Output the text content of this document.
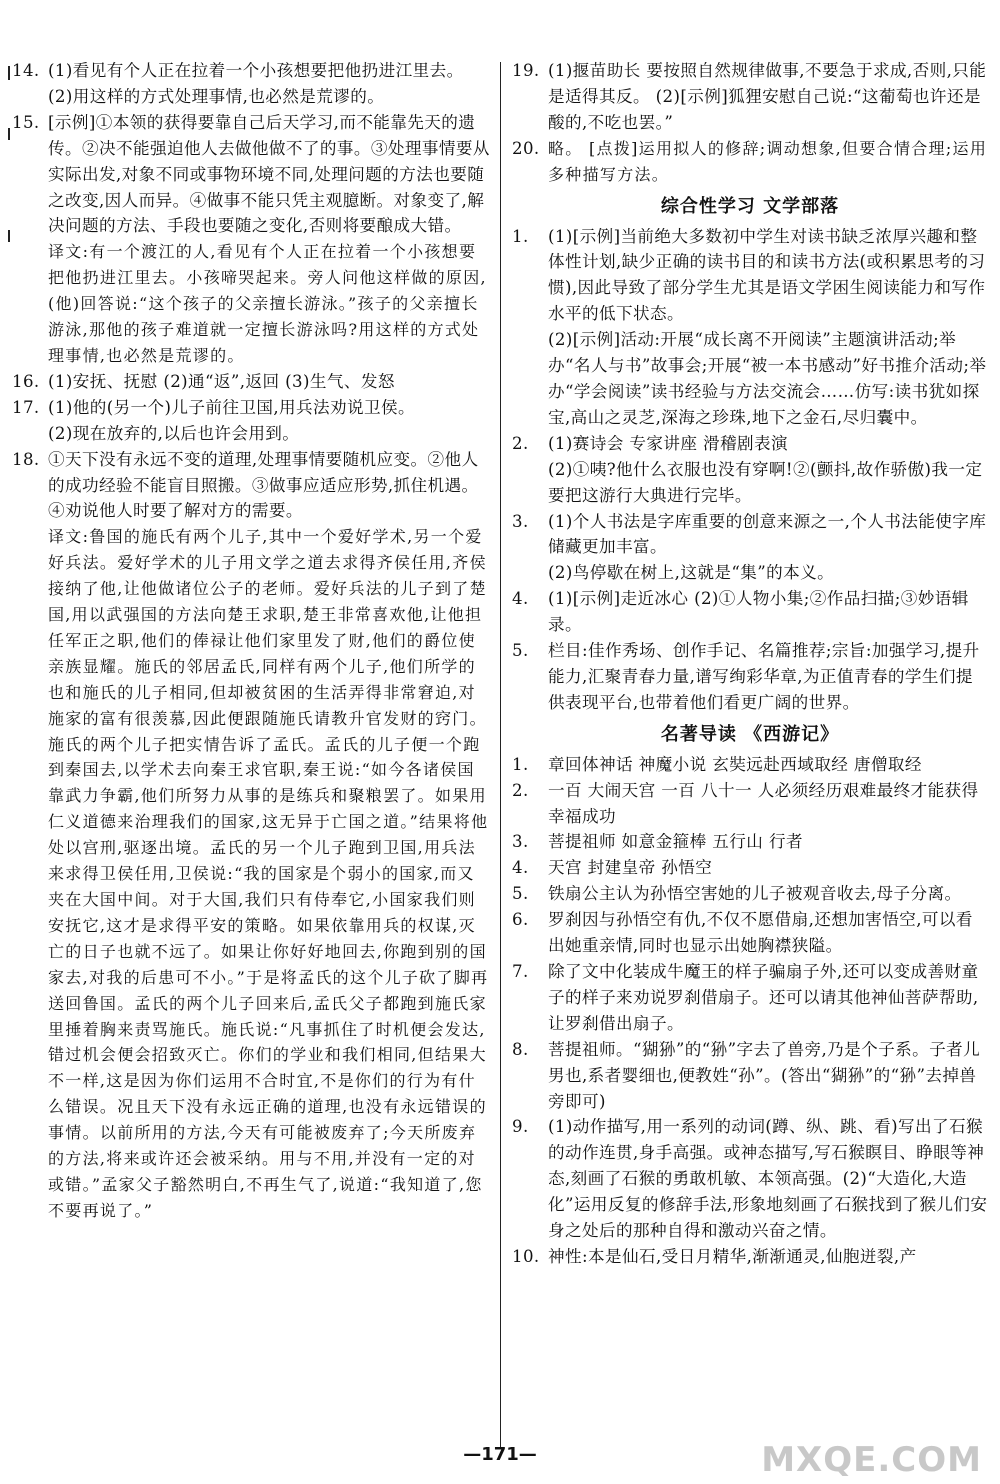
14. (1)看见有个人正在拉着一个小孩想要把他扔进江里去。

(2)用这样的方式处理事情,也必然是荒谬的。

15. [示例]①本领的获得要靠自己后天学习,而不能靠先天的遗传。②决不能强迫他人去做他做不了的事。③处理事情要从实际出发,对象不同或事物环境不同,处理问题的方法也要随之改变,因人而异。④做事不能只凭主观臆断。对象变了,解决问题的方法、手段也要随之变化,否则将要酿成大错。

译文:有一个渡江的人,看见有个人正在拉着一个小孩想要把他扔进江里去。小孩啼哭起来。旁人问他这样做的原因,(他)回答说:“这个孩子的父亲擅长游泳。”孩子的父亲擅长游泳,那他的孩子难道就一定擅长游泳吗?用这样的方式处理事情,也必然是荒谬的。

16. (1)安抚、抚慰 (2)通“返”,返回 (3)生气、发怒

17. (1)他的(另一个)儿子前往卫国,用兵法劝说卫侯。

(2)现在放弃的,以后也许会用到。

18. ①天下没有永远不变的道理,处理事情要随机应变。②他人的成功经验不能盲目照搬。③做事应适应形势,抓住机遇。④劝说他人时要了解对方的需要。

译文:鲁国的施氏有两个儿子,其中一个爱好学术,另一个爱好兵法。爱好学术的儿子用文学之道去求得齐侯任用,齐侯接纳了他,让他做诸位公子的老师。爱好兵法的儿子到了楚国,用以武强国的方法向楚王求职,楚王非常喜欢他,让他担任军正之职,他们的俸禄让他们家里发了财,他们的爵位使亲族显耀。施氏的邻居孟氏,同样有两个儿子,他们所学的也和施氏的儿子相同,但却被贫困的生活弄得非常窘迫,对施家的富有很羡慕,因此便跟随施氏请教升官发财的窍门。施氏的两个儿子把实情告诉了孟氏。孟氏的儿子便一个跑到秦国去,以学术去向秦王求官职,秦王说:“如今各诸侯国靠武力争霸,他们所努力从事的是练兵和聚粮罢了。如果用仁义道德来治理我们的国家,这无异于亡国之道。”结果将他处以宫刑,驱逐出境。孟氏的另一个儿子跑到卫国,用兵法来求得卫侯任用,卫侯说:“我的国家是个弱小的国家,而又夹在大国中间。对于大国,我们只有侍奉它,小国家我们则安抚它,这才是求得平安的策略。如果依靠用兵的权谋,灭亡的日子也就不远了。如果让你好好地回去,你跑到别的国家去,对我的后患可不小。”于是将孟氏的这个儿子砍了脚再送回鲁国。孟氏的两个儿子回来后,孟氏父子都跑到施氏家里捶着胸来责骂施氏。施氏说:“凡事抓住了时机便会发达,错过机会便会招致灭亡。你们的学业和我们相同,但结果大不一样,这是因为你们运用不合时宜,不是你们的行为有什么错误。况且天下没有永远正确的道理,也没有永远错误的事情。以前所用的方法,今天有可能被废弃了;今天所废弃的方法,将来或许还会被采纳。用与不用,并没有一定的对或错。”孟家父子豁然明白,不再生气了,说道:“我知道了,您不要再说了。”

19. (1)揠苗助长 要按照自然规律做事,不要急于求成,否则,只能是适得其反。 (2)[示例]狐狸安慰自己说:“这葡萄也许还是酸的,不吃也罢。”

20. 略。 [点拨]运用拟人的修辞;调动想象,但要合情合理;运用多种描写方法。

综合性学习 文学部落
1. (1)[示例]当前绝大多数初中学生对读书缺乏浓厚兴趣和整体性计划,缺少正确的读书目的和读书方法(或积累思考的习惯),因此导致了部分学生尤其是语文学困生阅读能力和写作水平的低下状态。

(2)[示例]活动:开展“成长离不开阅读”主题演讲活动;举办“名人与书”故事会;开展“被一本书感动”好书推介活动;举办“学会阅读”读书经验与方法交流会……仿写:读书犹如探宝,高山之灵芝,深海之珍珠,地下之金石,尽归囊中。

2. (1)赛诗会 专家讲座 滑稽剧表演

(2)①咦?他什么衣服也没有穿啊!②(颤抖,故作骄傲)我一定要把这游行大典进行完毕。

3. (1)个人书法是字库重要的创意来源之一,个人书法能使字库储藏更加丰富。

(2)鸟停歇在树上,这就是“集”的本义。

4. (1)[示例]走近冰心 (2)①人物小集;②作品扫描;③妙语辑录。

5. 栏目:佳作秀场、创作手记、名篇推荐;宗旨:加强学习,提升能力,汇聚青春力量,谱写绚彩华章,为正值青春的学生们提供表现平台,也带着他们看更广阔的世界。

名著导读 《西游记》
1. 章回体神话 神魔小说 玄奘远赴西域取经 唐僧取经

2. 一百 大闹天宫 一百 八十一 人必须经历艰难最终才能获得幸福成功

3. 菩提祖师 如意金箍棒 五行山 行者

4. 天宫 封建皇帝 孙悟空

5. 铁扇公主认为孙悟空害她的儿子被观音收去,母子分离。

6. 罗刹因与孙悟空有仇,不仅不愿借扇,还想加害悟空,可以看出她重亲情,同时也显示出她胸襟狭隘。

7. 除了文中化装成牛魔王的样子骗扇子外,还可以变成善财童子的样子来劝说罗刹借扇子。还可以请其他神仙菩萨帮助,让罗刹借出扇子。

8. 菩提祖师。“猢狲”的“狲”字去了兽旁,乃是个子系。子者儿男也,系者婴细也,便教姓“孙”。(答出“猢狲”的“狲”去掉兽旁即可)

9. (1)动作描写,用一系列的动词(蹲、纵、跳、看)写出了石猴的动作连贯,身手高强。或神态描写,写石猴瞑目、睁眼等神态,刻画了石猴的勇敢机敏、本领高强。(2)“大造化,大造化”运用反复的修辞手法,形象地刻画了石猴找到了猴儿们安身之处后的那种自得和激动兴奋之情。

10. 神性:本是仙石,受日月精华,渐渐通灵,仙胞迸裂,产

—171—	MXQE.COM
